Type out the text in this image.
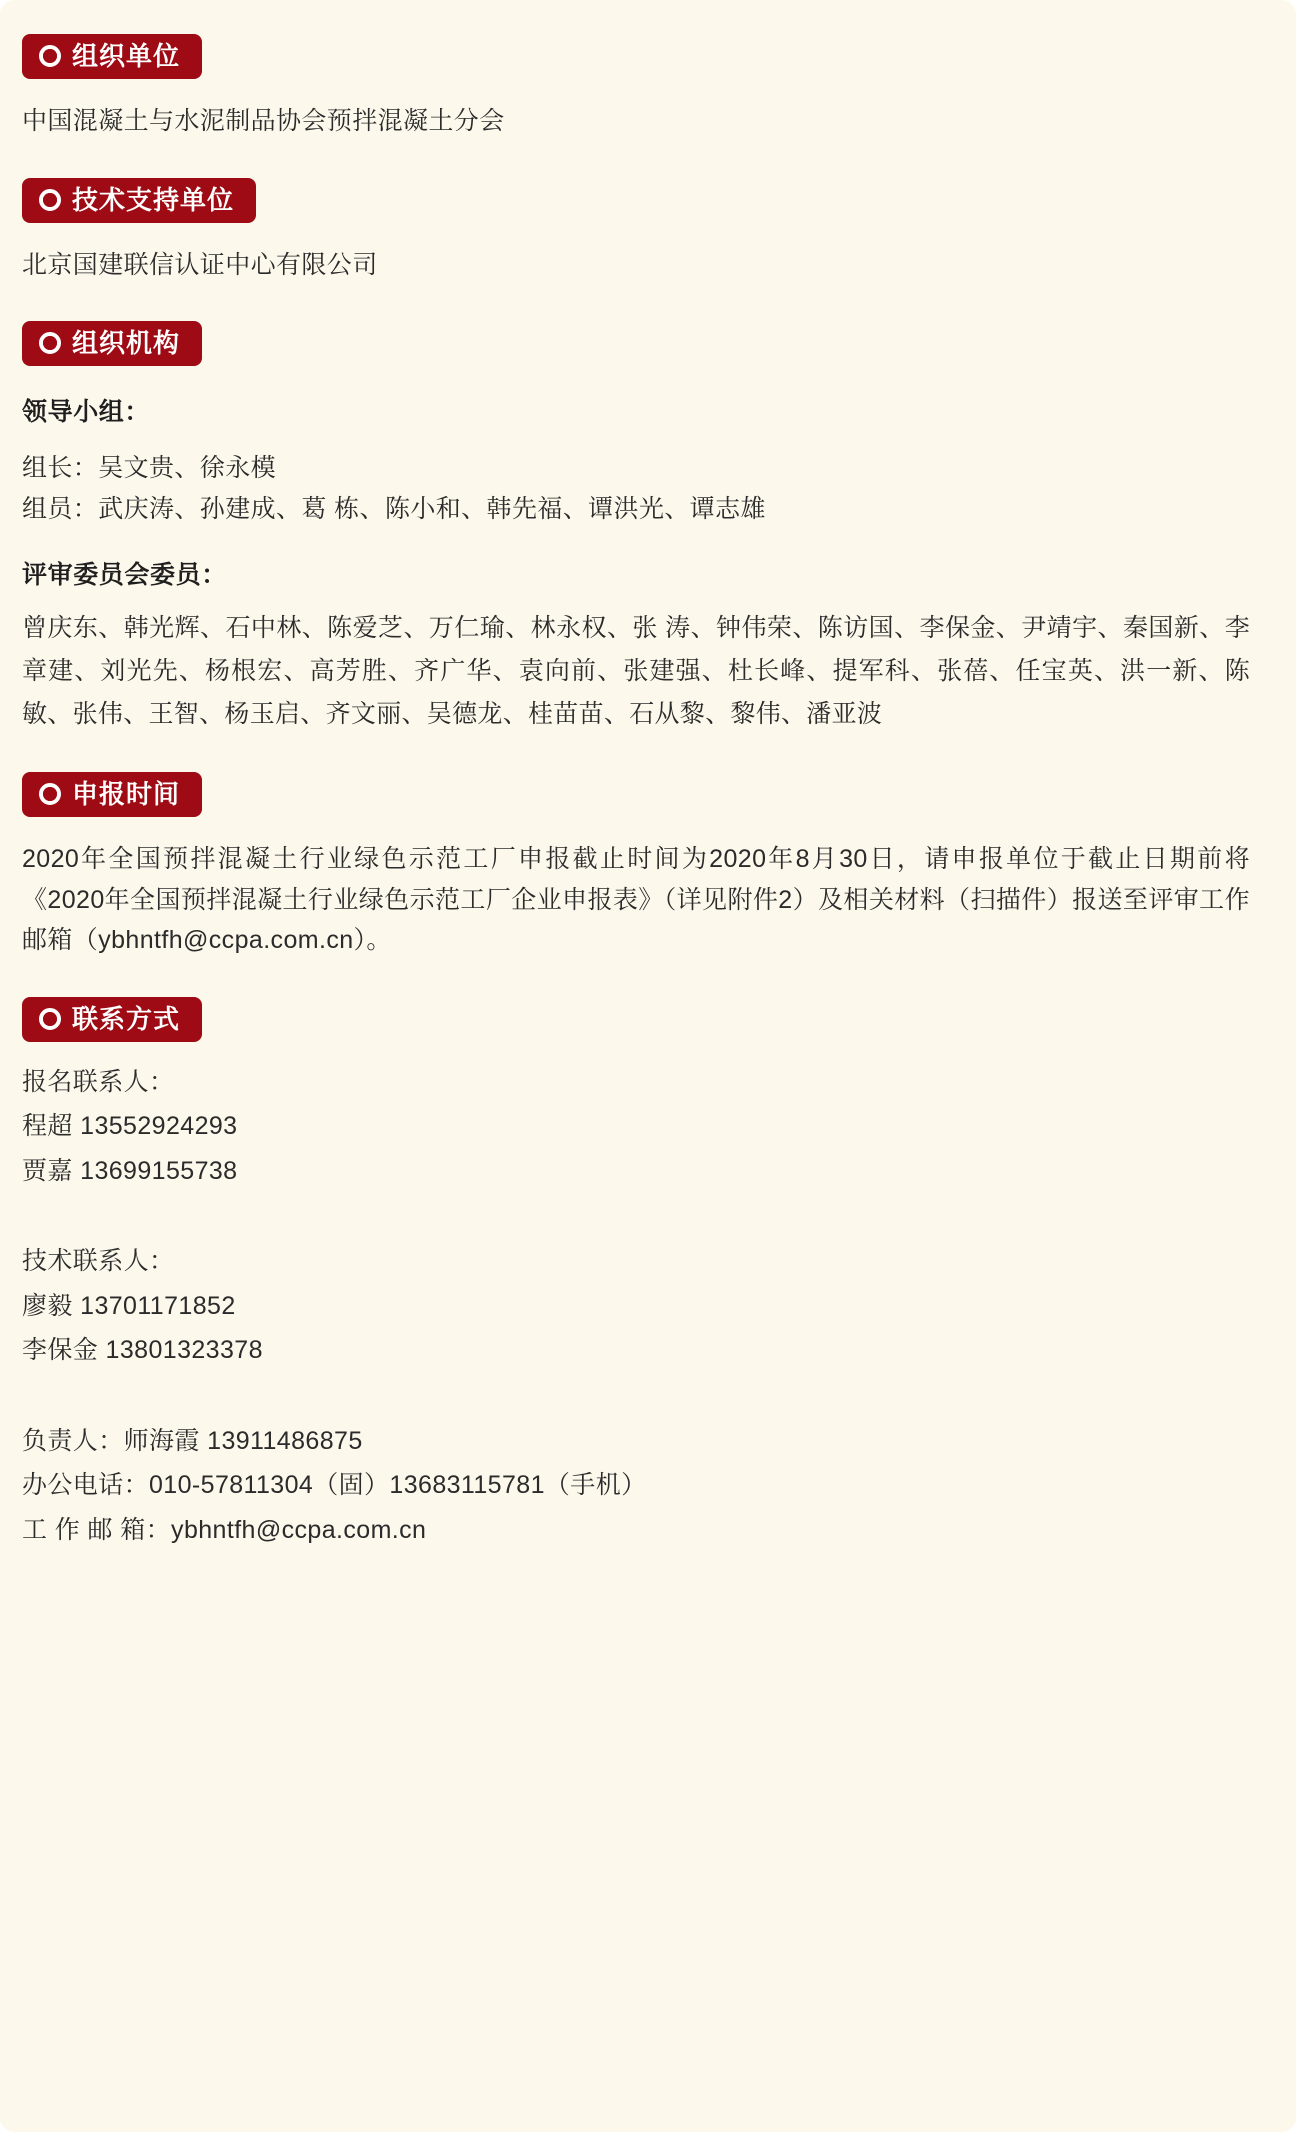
组织单位

中国混凝土与水泥制品协会预拌混凝土分会

技术支持单位

北京国建联信认证中心有限公司

组织机构

领导小组：

组长：吴文贵、徐永模

组员：武庆涛、孙建成、葛 栋、陈小和、韩先福、谭洪光、谭志雄

评审委员会委员：

曾庆东、韩光辉、石中林、陈爱芝、万仁瑜、林永权、张 涛、钟伟荣、陈访国、李保金、尹靖宇、秦国新、李章建、刘光先、杨根宏、高芳胜、齐广华、袁向前、张建强、杜长峰、提军科、张蓓、任宝英、洪一新、陈敏、张伟、王智、杨玉启、齐文丽、吴德龙、桂苗苗、石从黎、黎伟、潘亚波

申报时间

2020年全国预拌混凝土行业绿色示范工厂申报截止时间为2020年8月30日，请申报单位于截止日期前将《2020年全国预拌混凝土行业绿色示范工厂企业申报表》（详见附件2）及相关材料（扫描件）报送至评审工作邮箱（ybhntfh@ccpa.com.cn）。

联系方式

报名联系人：

程超 13552924293

贾嘉 13699155738

技术联系人：

廖毅 13701171852

李保金 13801323378

负责人：师海霞 13911486875

办公电话：010-57811304（固）13683115781（手机）

工 作 邮 箱：ybhntfh@ccpa.com.cn
